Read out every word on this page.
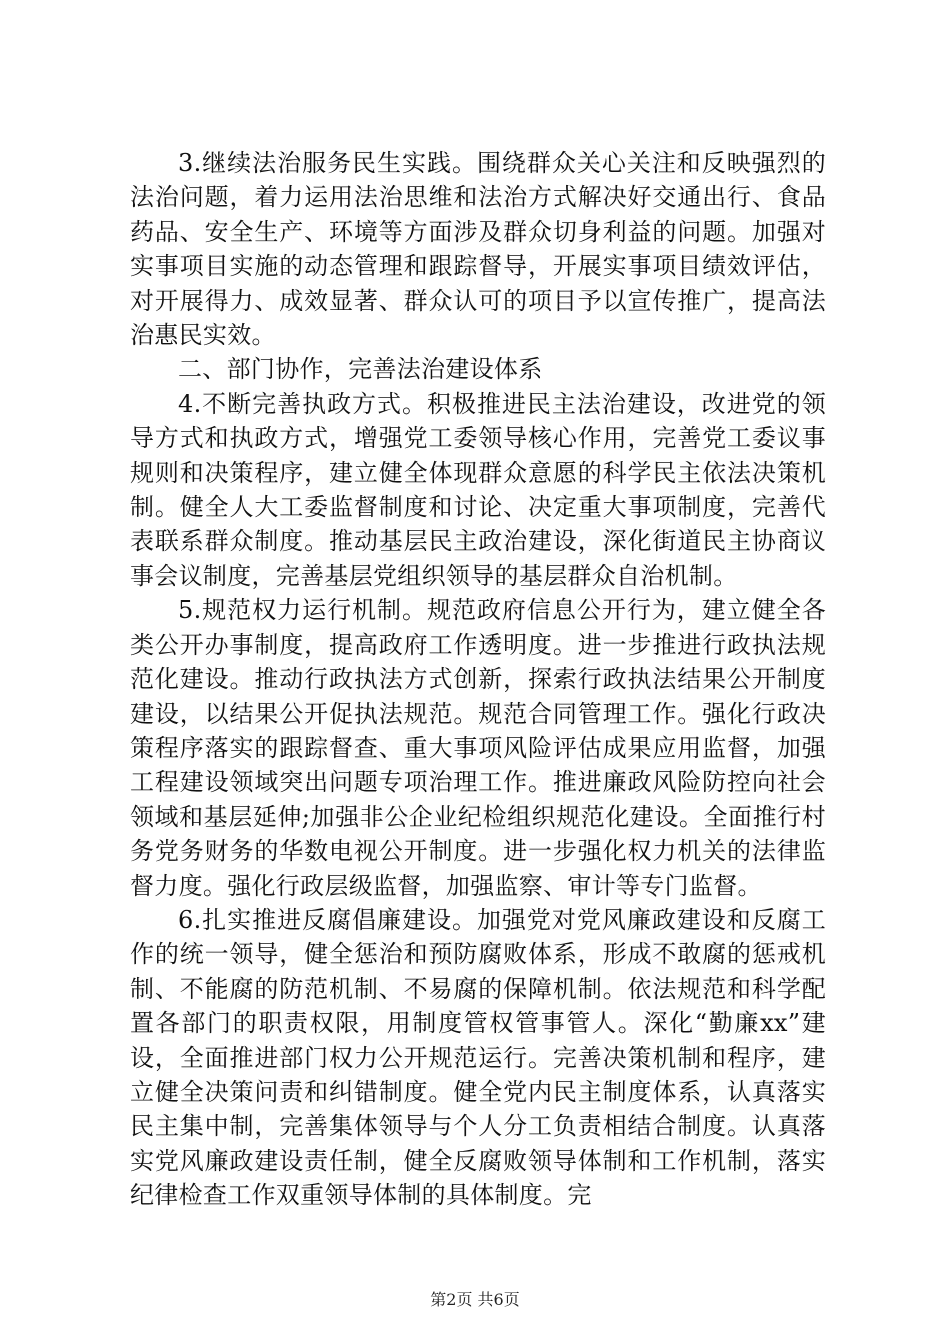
3.继续法治服务民生实践。围绕群众关心关注和反映强烈的法治问题，着力运用法治思维和法治方式解决好交通出行、食品药品、安全生产、环境等方面涉及群众切身利益的问题。加强对实事项目实施的动态管理和跟踪督导，开展实事项目绩效评估，对开展得力、成效显著、群众认可的项目予以宣传推广，提高法治惠民实效。

二、部门协作，完善法治建设体系

4.不断完善执政方式。积极推进民主法治建设，改进党的领导方式和执政方式，增强党工委领导核心作用，完善党工委议事规则和决策程序，建立健全体现群众意愿的科学民主依法决策机制。健全人大工委监督制度和讨论、决定重大事项制度，完善代表联系群众制度。推动基层民主政治建设，深化街道民主协商议事会议制度，完善基层党组织领导的基层群众自治机制。

5.规范权力运行机制。规范政府信息公开行为，建立健全各类公开办事制度，提高政府工作透明度。进一步推进行政执法规范化建设。推动行政执法方式创新，探索行政执法结果公开制度建设，以结果公开促执法规范。规范合同管理工作。强化行政决策程序落实的跟踪督查、重大事项风险评估成果应用监督，加强工程建设领域突出问题专项治理工作。推进廉政风险防控向社会领域和基层延伸;加强非公企业纪检组织规范化建设。全面推行村务党务财务的华数电视公开制度。进一步强化权力机关的法律监督力度。强化行政层级监督，加强监察、审计等专门监督。

6.扎实推进反腐倡廉建设。加强党对党风廉政建设和反腐工作的统一领导，健全惩治和预防腐败体系，形成不敢腐的惩戒机制、不能腐的防范机制、不易腐的保障机制。依法规范和科学配置各部门的职责权限，用制度管权管事管人。深化“勤廉xx”建设，全面推进部门权力公开规范运行。完善决策机制和程序，建立健全决策问责和纠错制度。健全党内民主制度体系，认真落实民主集中制，完善集体领导与个人分工负责相结合制度。认真落实党风廉政建设责任制，健全反腐败领导体制和工作机制，落实纪律检查工作双重领导体制的具体制度。完

第2页 共6页
